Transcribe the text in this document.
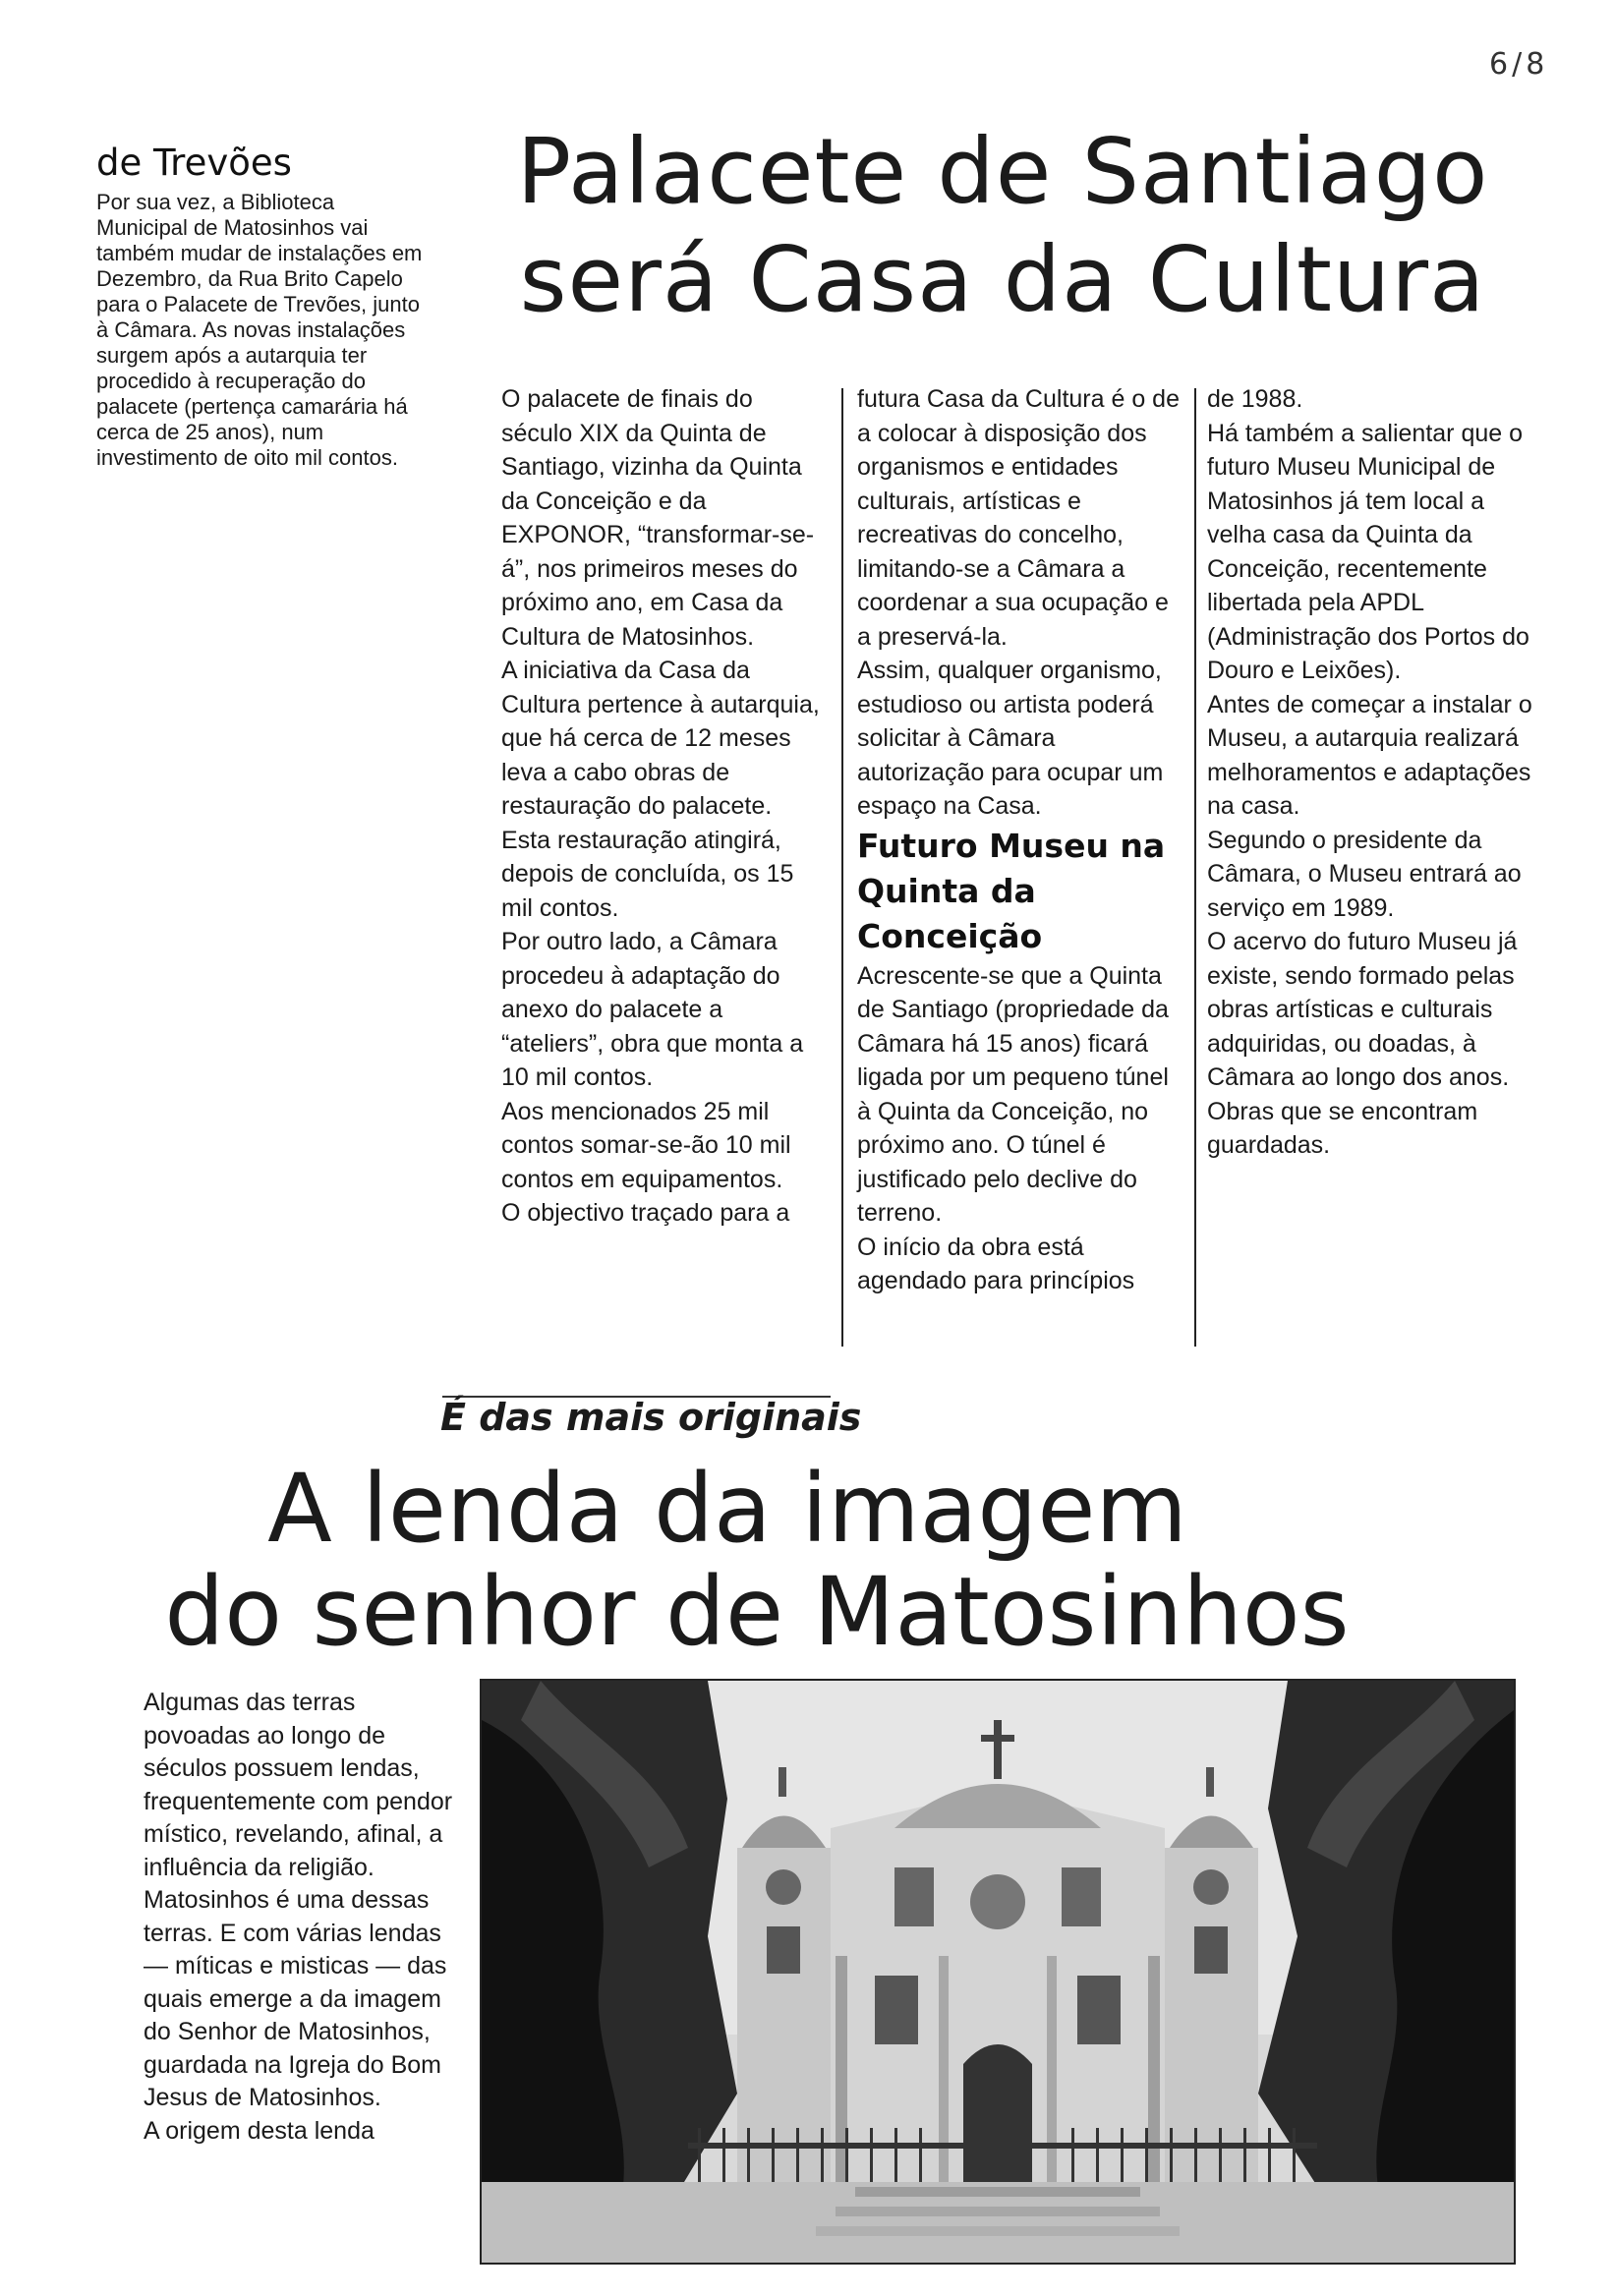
6/8
de Trevões

Por sua vez, a Biblioteca Municipal de Matosinhos vai também mudar de instalações em Dezembro, da Rua Brito Capelo para o Palacete de Trevões, junto à Câmara. As novas instalações surgem após a autarquia ter procedido à recuperação do palacete (pertença camarária há cerca de 25 anos), num investimento de oito mil contos.

Palacete de Santiago
será Casa da Cultura

O palacete de finais do século XIX da Quinta de Santiago, vizinha da Quinta da Conceição e da EXPONOR, “transformar-se-á”, nos primeiros meses do próximo ano, em Casa da Cultura de Matosinhos.

A iniciativa da Casa da Cultura pertence à autarquia, que há cerca de 12 meses leva a cabo obras de restauração do palacete. Esta restauração atingirá, depois de concluída, os 15 mil contos.

Por outro lado, a Câmara procedeu à adaptação do anexo do palacete a “ateliers”, obra que monta a 10 mil contos.

Aos mencionados 25 mil contos somar-se-ão 10 mil contos em equipamentos.

O objectivo traçado para a

futura Casa da Cultura é o de a colocar à disposição dos organismos e entidades culturais, artísticas e recreativas do concelho, limitando-se a Câmara a coordenar a sua ocupação e a preservá-la.

Assim, qualquer organismo, estudioso ou artista poderá solicitar à Câmara autorização para ocupar um espaço na Casa.

Futuro Museu na Quinta da Conceição

Acrescente-se que a Quinta de Santiago (propriedade da Câmara há 15 anos) ficará ligada por um pequeno túnel à Quinta da Conceição, no próximo ano. O túnel é justificado pelo declive do terreno.

O início da obra está agendado para princípios

de 1988.

Há também a salientar que o futuro Museu Municipal de Matosinhos já tem local a velha casa da Quinta da Conceição, recentemente libertada pela APDL (Administração dos Portos do Douro e Leixões).

Antes de começar a instalar o Museu, a autarquia realizará melhoramentos e adaptações na casa.

Segundo o presidente da Câmara, o Museu entrará ao serviço em 1989.

O acervo do futuro Museu já existe, sendo formado pelas obras artísticas e culturais adquiridas, ou doadas, à Câmara ao longo dos anos. Obras que se encontram guardadas.

É das mais originais
A lenda da imagem
do senhor de Matosinhos

Algumas das terras povoadas ao longo de séculos possuem lendas, frequentemente com pendor místico, revelando, afinal, a influência da religião.

Matosinhos é uma dessas terras. E com várias lendas — míticas e misticas — das quais emerge a da imagem do Senhor de Matosinhos, guardada na Igreja do Bom Jesus de Matosinhos.

A origem desta lenda
